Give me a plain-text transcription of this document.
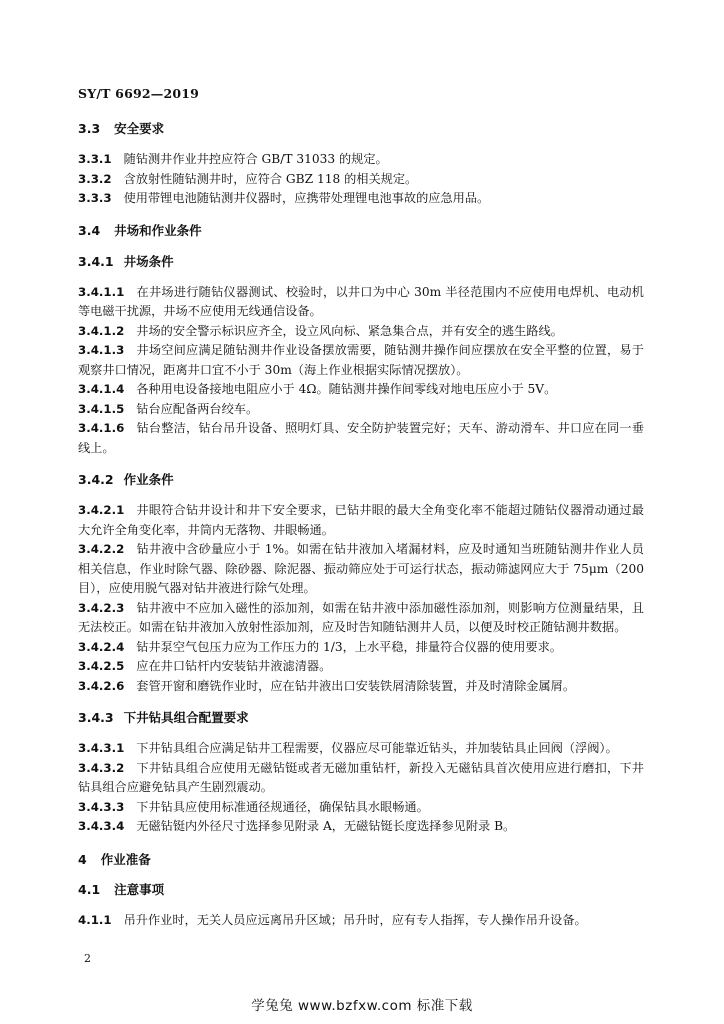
SY/T 6692—2019
3.3 安全要求
3.3.1 随钻测井作业井控应符合 GB/T 31033 的规定。
3.3.2 含放射性随钻测井时，应符合 GBZ 118 的相关规定。
3.3.3 使用带锂电池随钻测井仪器时，应携带处理锂电池事故的应急用品。
3.4 井场和作业条件
3.4.1 井场条件
3.4.1.1 在井场进行随钻仪器测试、校验时，以井口为中心 30m 半径范围内不应使用电焊机、电动机等电磁干扰源，井场不应使用无线通信设备。
3.4.1.2 井场的安全警示标识应齐全，设立风向标、紧急集合点，并有安全的逃生路线。
3.4.1.3 井场空间应满足随钻测井作业设备摆放需要，随钻测井操作间应摆放在安全平整的位置，易于观察井口情况，距离井口宜不小于 30m（海上作业根据实际情况摆放）。
3.4.1.4 各种用电设备接地电阻应小于 4Ω。随钻测井操作间零线对地电压应小于 5V。
3.4.1.5 钻台应配备两台绞车。
3.4.1.6 钻台整洁，钻台吊升设备、照明灯具、安全防护装置完好；天车、游动滑车、井口应在同一垂线上。
3.4.2 作业条件
3.4.2.1 井眼符合钻井设计和井下安全要求，已钻井眼的最大全角变化率不能超过随钻仪器滑动通过最大允许全角变化率，井筒内无落物、井眼畅通。
3.4.2.2 钻井液中含砂量应小于 1%。如需在钻井液加入堵漏材料，应及时通知当班随钻测井作业人员相关信息，作业时除气器、除砂器、除泥器、振动筛应处于可运行状态，振动筛滤网应大于 75μm（200 目），应使用脱气器对钻井液进行除气处理。
3.4.2.3 钻井液中不应加入磁性的添加剂，如需在钻井液中添加磁性添加剂，则影响方位测量结果，且无法校正。如需在钻井液加入放射性添加剂，应及时告知随钻测井人员，以便及时校正随钻测井数据。
3.4.2.4 钻井泵空气包压力应为工作压力的 1/3，上水平稳，排量符合仪器的使用要求。
3.4.2.5 应在井口钻杆内安装钻井液滤清器。
3.4.2.6 套管开窗和磨铣作业时，应在钻井液出口安装铁屑清除装置，并及时清除金属屑。
3.4.3 下井钻具组合配置要求
3.4.3.1 下井钻具组合应满足钻井工程需要，仪器应尽可能靠近钻头，并加装钻具止回阀（浮阀）。
3.4.3.2 下井钻具组合应使用无磁钻铤或者无磁加重钻杆，新投入无磁钻具首次使用应进行磨扣，下井钻具组合应避免钻具产生剧烈震动。
3.4.3.3 下井钻具应使用标准通径规通径，确保钻具水眼畅通。
3.4.3.4 无磁钻铤内外径尺寸选择参见附录 A，无磁钻铤长度选择参见附录 B。
4 作业准备
4.1 注意事项
4.1.1 吊升作业时，无关人员应远离吊升区域；吊升时，应有专人指挥，专人操作吊升设备。
2
学兔兔 www.bzfxw.com 标准下载
